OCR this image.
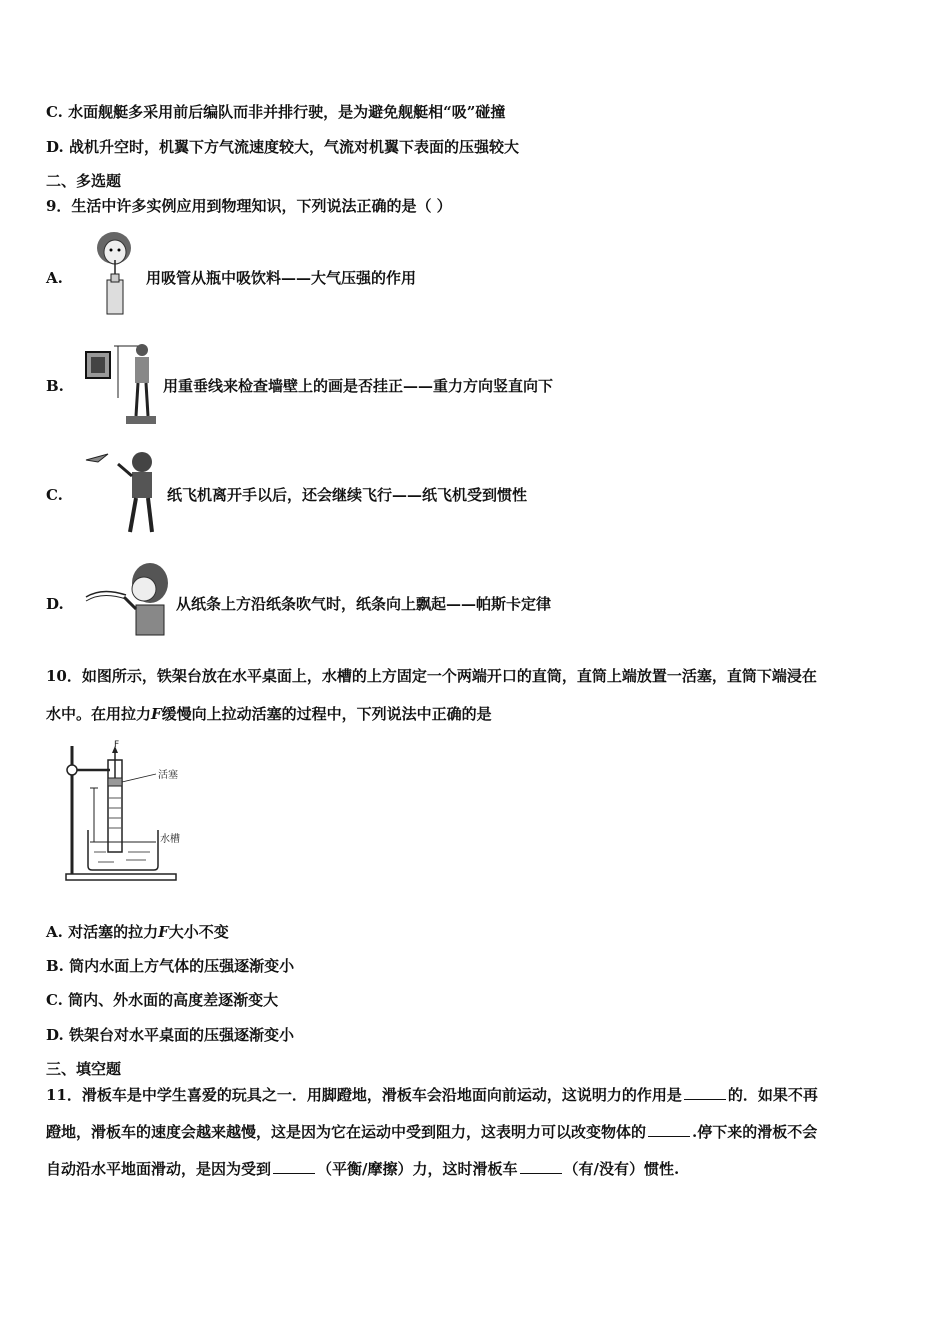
C. 水面舰艇多采用前后编队而非并排行驶，是为避免舰艇相“吸”碰撞
D. 战机升空时，机翼下方气流速度较大，气流对机翼下表面的压强较大
二、多选题
9．生活中许多实例应用到物理知识，下列说法正确的是（ ）
A.	用吸管从瓶中吸饮料——大气压强的作用
B.	用重垂线来检查墙壁上的画是否挂正——重力方向竖直向下
C.	纸飞机离开手以后，还会继续飞行——纸飞机受到惯性
D.	从纸条上方沿纸条吹气时，纸条向上飘起——帕斯卡定律
10．如图所示，铁架台放在水平桌面上，水槽的上方固定一个两端开口的直筒，直筒上端放置一活塞，直筒下端浸在
水中。在用拉力F缓慢向上拉动活塞的过程中，下列说法中正确的是
F
活塞
水槽
A. 对活塞的拉力F大小不变
B. 筒内水面上方气体的压强逐渐变小
C. 筒内、外水面的高度差逐渐变大
D. 铁架台对水平桌面的压强逐渐变小
三、填空题
11．滑板车是中学生喜爱的玩具之一．用脚蹬地，滑板车会沿地面向前运动，这说明力的作用是	的．如果不再
蹬地，滑板车的速度会越来越慢，这是因为它在运动中受到阻力，这表明力可以改变物体的	.停下来的滑板不会
自动沿水平地面滑动，是因为受到	（平衡/摩擦）力，这时滑板车	（有/没有）惯性.
